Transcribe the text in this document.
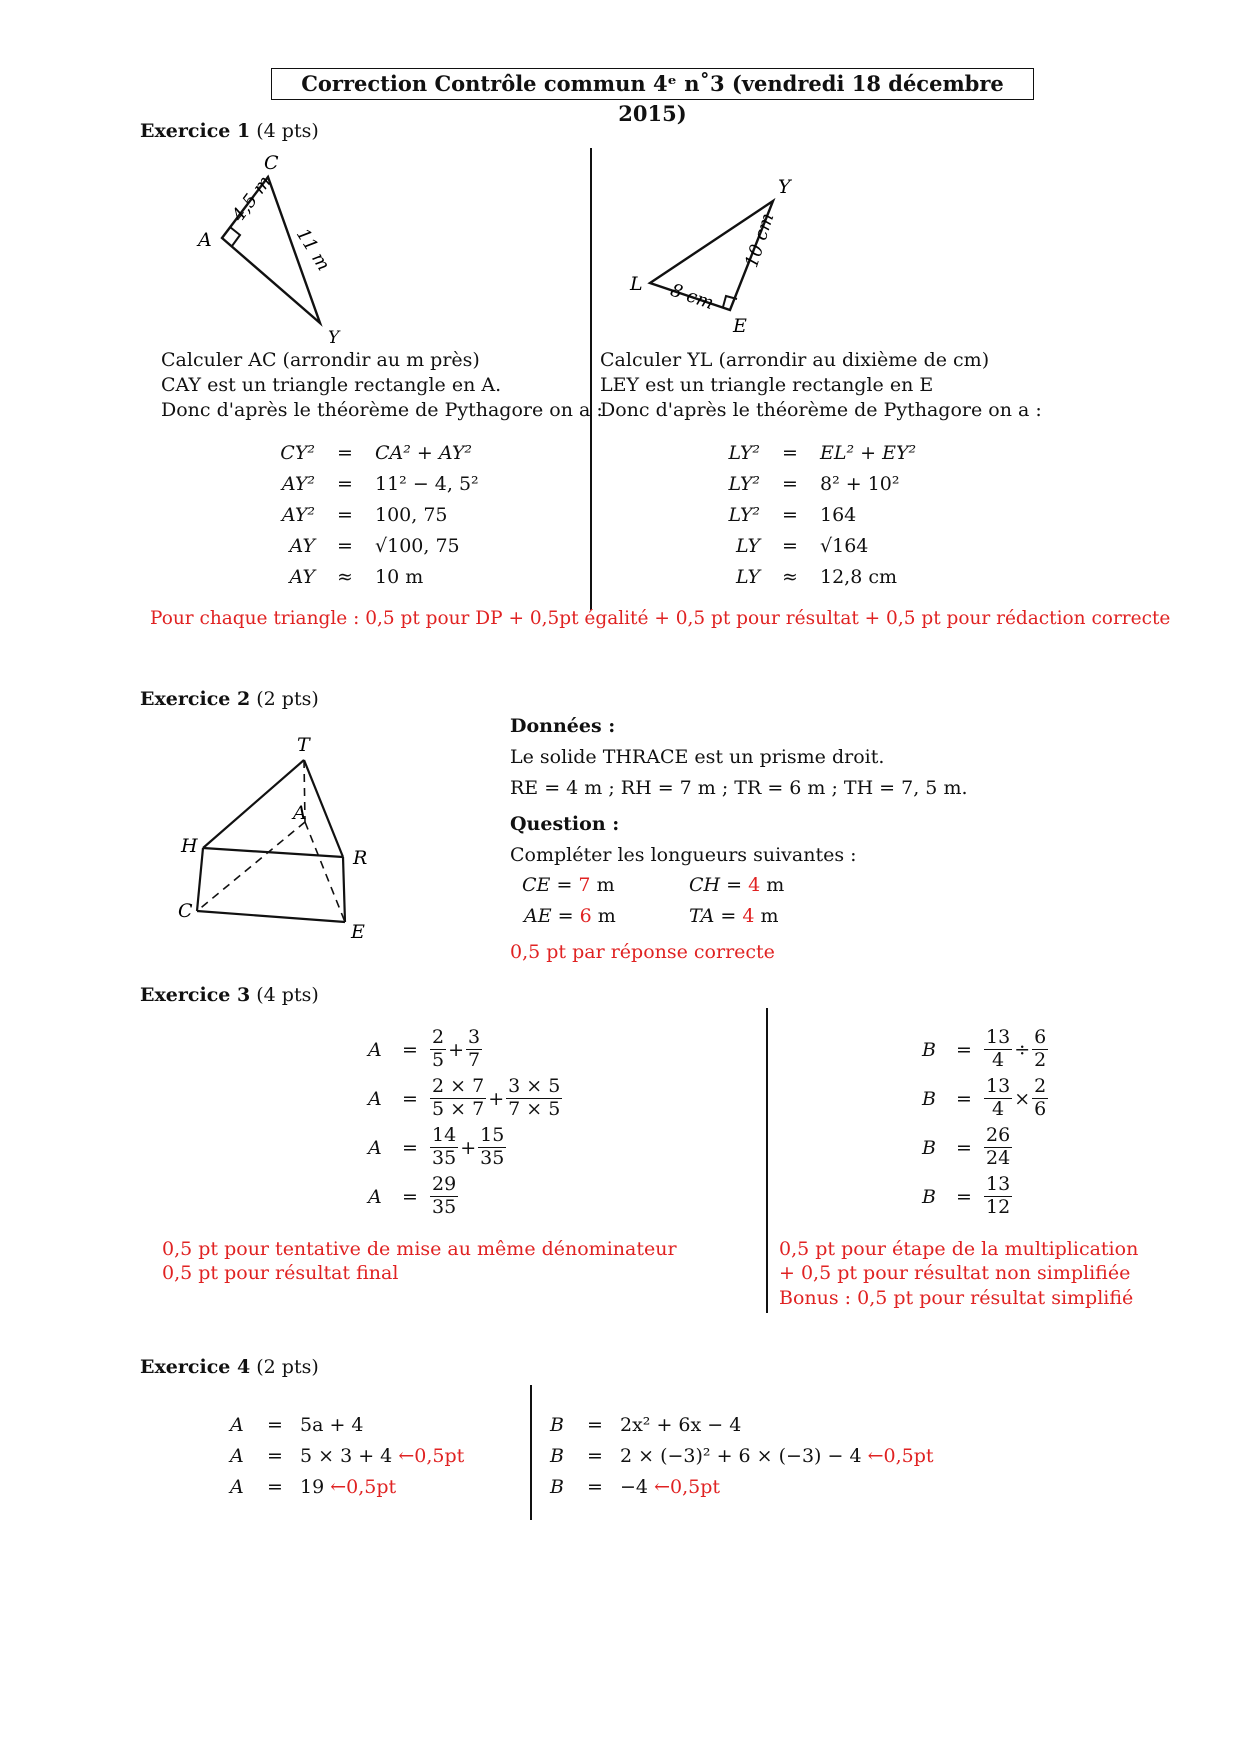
Correction Contrôle commun 4ᵉ n˚3 (vendredi 18 décembre 2015)
Exercice 1 (4 pts)
C
A
Y
4,5 m
11 m
Y
L
E
8 cm
10 cm
Calculer AC (arrondir au m près)
CAY est un triangle rectangle en A.
Donc d'après le théorème de Pythagore on a :
Calculer YL (arrondir au dixième de cm)
LEY est un triangle rectangle en E
Donc d'après le théorème de Pythagore on a :
CY² = CA² + AY²
AY² = 11² − 4, 5²
AY² = 100, 75
AY = √100, 75
AY ≈ 10 m
LY² = EL² + EY²
LY² = 8² + 10²
LY² = 164
LY = √164
LY ≈ 12,8 cm
Pour chaque triangle : 0,5 pt pour DP + 0,5pt égalité + 0,5 pt pour résultat + 0,5 pt pour rédaction correcte
Exercice 2 (2 pts)
T
A
H
R
C
E
Données :
Le solide THRACE est un prisme droit.
RE = 4 m ; RH = 7 m ; TR = 6 m ; TH = 7, 5 m.
Question :
Compléter les longueurs suivantes :
CE = 7 m	CH = 4 m
AE = 6 m	TA = 4 m
0,5 pt par réponse correcte
Exercice 3 (4 pts)
A	= $\frac{2}{5} + \frac{3}{7}$
A	= $\frac{2 \times 7}{5 \times 7} + \frac{3 \times 5}{7 \times 5}$
A	= $\frac{14}{35} + \frac{15}{35}$
A	= $\frac{29}{35}$
B	= $\frac{13}{4} \div \frac{6}{2}$
B	= $\frac{13}{4} \times \frac{2}{6}$
B	= $\frac{26}{24}$
B	= $\frac{13}{12}$
0,5 pt pour tentative de mise au même dénominateur
0,5 pt pour résultat final
0,5 pt pour étape de la multiplication
+ 0,5 pt pour résultat non simplifiée
Bonus : 0,5 pt pour résultat simplifié
Exercice 4 (2 pts)
A = 5a + 4
A = 5 × 3 + 4 ←0,5pt
A = 19 ←0,5pt
B = 2x² + 6x − 4
B = 2 × (−3)² + 6 × (−3) − 4 ←0,5pt
B = −4 ←0,5pt
